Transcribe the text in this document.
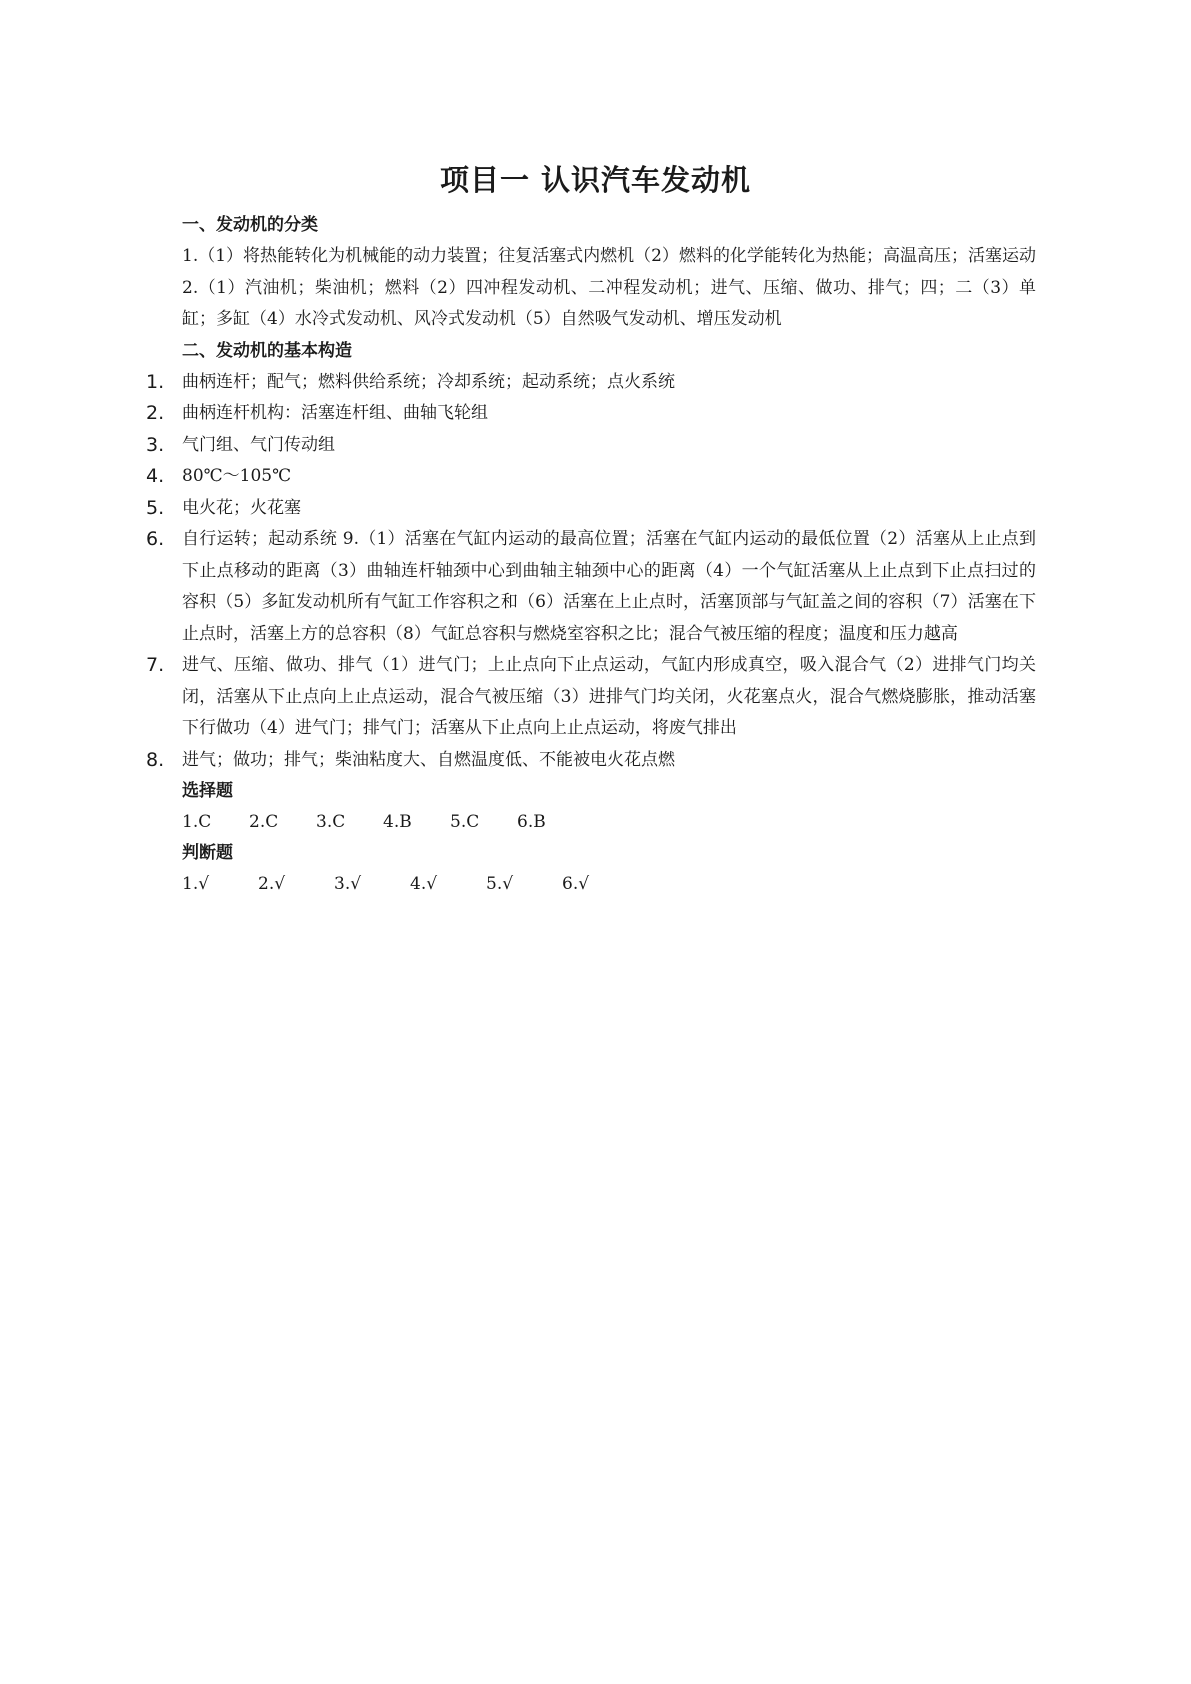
项目一 认识汽车发动机
一、发动机的分类
1.（1）将热能转化为机械能的动力装置；往复活塞式内燃机（2）燃料的化学能转化为热能；高温高压；活塞运动 2.（1）汽油机；柴油机；燃料（2）四冲程发动机、二冲程发动机；进气、压缩、做功、排气；四；二（3）单缸；多缸（4）水冷式发动机、风冷式发动机（5）自然吸气发动机、增压发动机
二、发动机的基本构造
1.	曲柄连杆；配气；燃料供给系统；冷却系统；起动系统；点火系统
2.	曲柄连杆机构：活塞连杆组、曲轴飞轮组
3.	气门组、气门传动组
4.	80℃～105℃
5.	电火花；火花塞
6.	自行运转；起动系统 9.（1）活塞在气缸内运动的最高位置；活塞在气缸内运动的最低位置（2）活塞从上止点到下止点移动的距离（3）曲轴连杆轴颈中心到曲轴主轴颈中心的距离（4）一个气缸活塞从上止点到下止点扫过的容积（5）多缸发动机所有气缸工作容积之和（6）活塞在上止点时，活塞顶部与气缸盖之间的容积（7）活塞在下止点时，活塞上方的总容积（8）气缸总容积与燃烧室容积之比；混合气被压缩的程度；温度和压力越高
7.	进气、压缩、做功、排气（1）进气门；上止点向下止点运动，气缸内形成真空，吸入混合气（2）进排气门均关闭，活塞从下止点向上止点运动，混合气被压缩（3）进排气门均关闭，火花塞点火，混合气燃烧膨胀，推动活塞下行做功（4）进气门；排气门；活塞从下止点向上止点运动，将废气排出
8.	进气；做功；排气；柴油粘度大、自燃温度低、不能被电火花点燃
选择题
1.C	2.C	3.C	4.B	5.C	6.B
判断题
1.√	2.√	3.√	4.√	5.√	6.√
